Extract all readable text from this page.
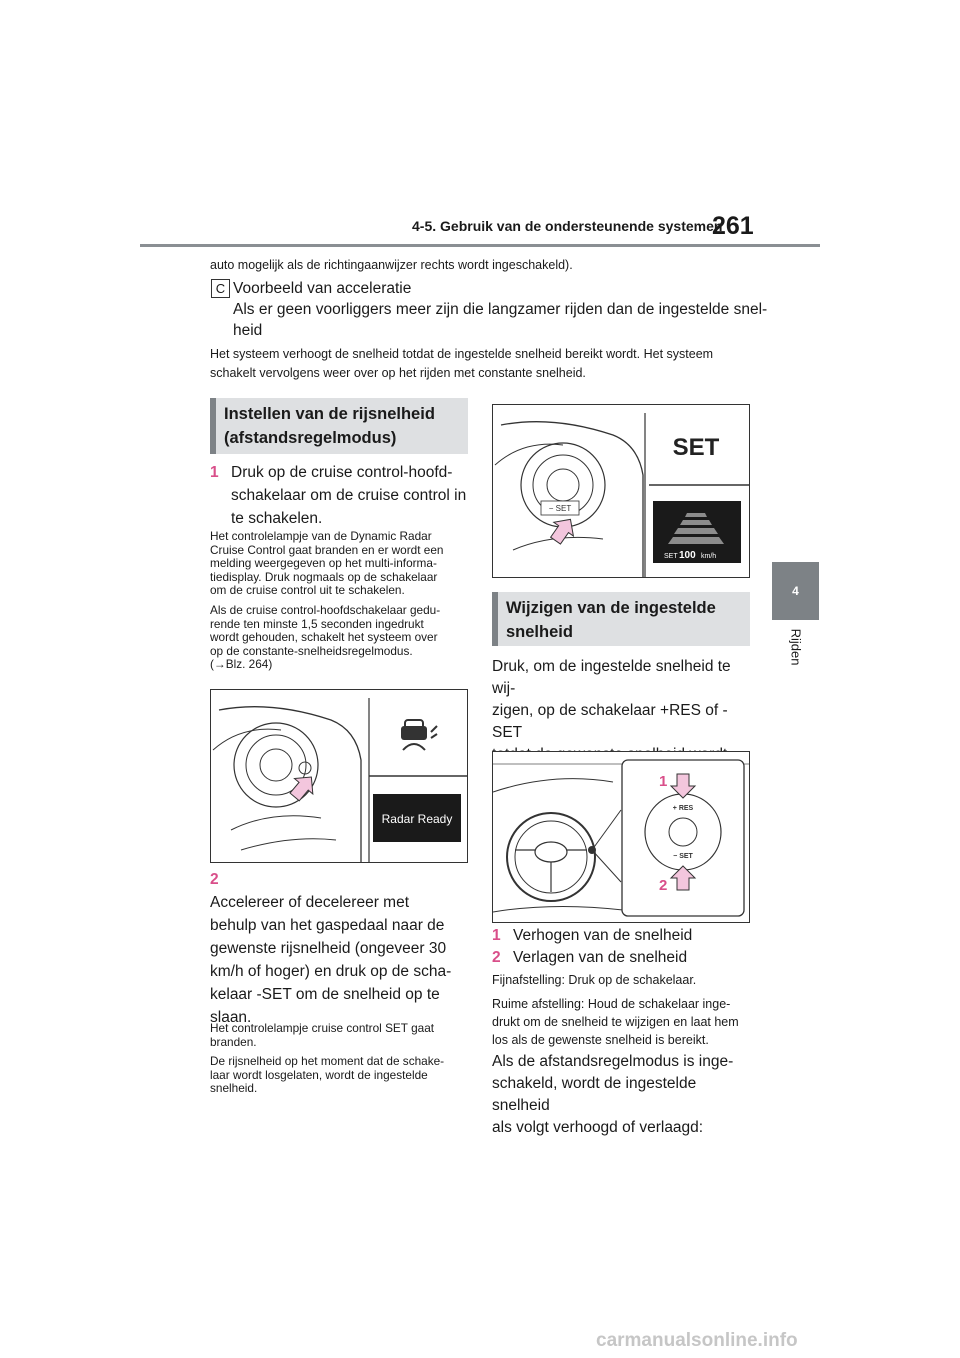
4-5. Gebruik van de ondersteunende systemen
261
4
Rijden
auto mogelijk als de richtingaanwijzer rechts wordt ingeschakeld).
C Voorbeeld van acceleratie
Als er geen voorliggers meer zijn die langzamer rijden dan de ingestelde snel-
heid
Het systeem verhoogt de snelheid totdat de ingestelde snelheid bereikt wordt. Het systeem
schakelt vervolgens weer over op het rijden met constante snelheid.
Instellen van de rijsnelheid
(afstandsregelmodus)
1 Druk op de cruise control-hoofd-
schakelaar om de cruise control in
te schakelen.
Het controlelampje van de Dynamic Radar
Cruise Control gaat branden en er wordt een
melding weergegeven op het multi-informa-
tiedisplay. Druk nogmaals op de schakelaar
om de cruise control uit te schakelen.
Als de cruise control-hoofdschakelaar gedu-
rende ten minste 1,5 seconden ingedrukt
wordt gehouden, schakelt het systeem over
op de constante-snelheidsregelmodus.
(→Blz. 264)
Radar Ready
2
Accelereer of decelereer met
behulp van het gaspedaal naar de
gewenste rijsnelheid (ongeveer 30
km/h of hoger) en druk op de scha-
kelaar -SET om de snelheid op te
slaan.
Het controlelampje cruise control SET gaat
branden.
De rijsnelheid op het moment dat de schake-
laar wordt losgelaten, wordt de ingestelde
snelheid.
− SET
SET
SET 100 km/h
Wijzigen van de ingestelde
snelheid
Druk, om de ingestelde snelheid te wij-
zigen, op de schakelaar +RES of -SET
+ RES
− SET
1
2
1 Verhogen van de snelheid
2 Verlagen van de snelheid
Fijnafstelling: Druk op de schakelaar.
Ruime afstelling: Houd de schakelaar inge-
drukt om de snelheid te wijzigen en laat hem
los als de gewenste snelheid is bereikt.
Als de afstandsregelmodus is inge-
schakeld, wordt de ingestelde snelheid
als volgt verhoogd of verlaagd:
carmanualsonline.info
